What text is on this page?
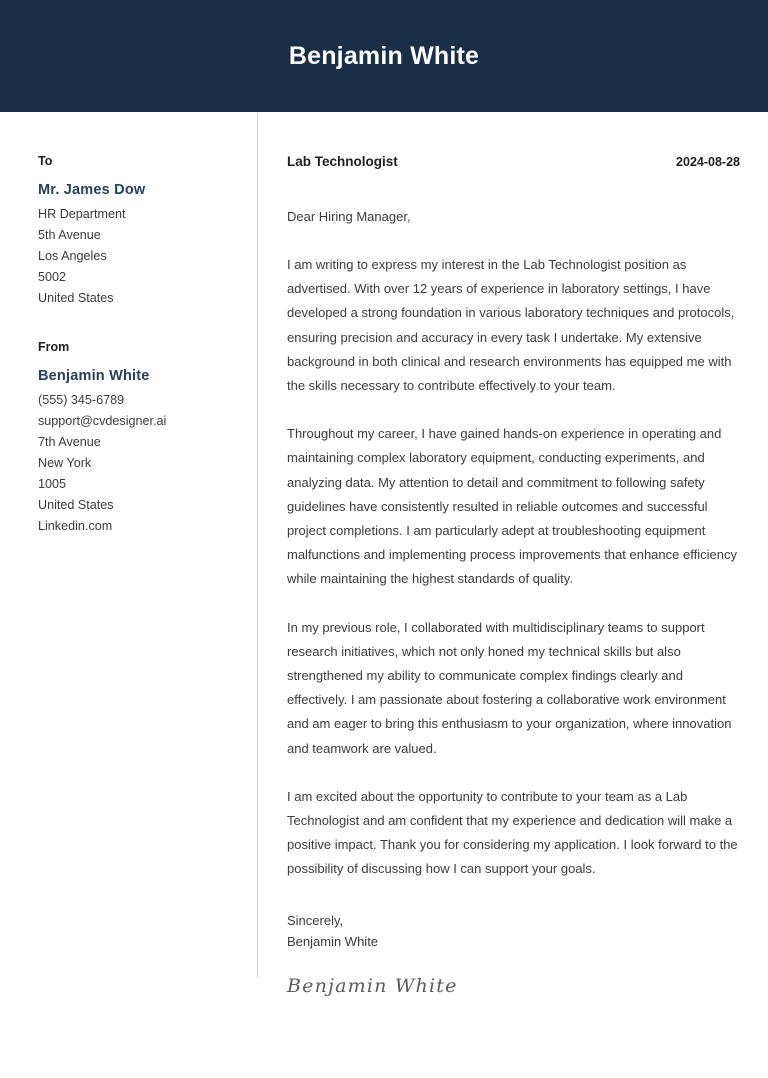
Benjamin White
To
Mr. James Dow
HR Department
5th Avenue
Los Angeles
5002
United States
From
Benjamin White
(555) 345-6789
support@cvdesigner.ai
7th Avenue
New York
1005
United States
Linkedin.com
Lab Technologist	2024-08-28
Dear Hiring Manager,

I am writing to express my interest in the Lab Technologist position as advertised. With over 12 years of experience in laboratory settings, I have developed a strong foundation in various laboratory techniques and protocols, ensuring precision and accuracy in every task I undertake. My extensive background in both clinical and research environments has equipped me with the skills necessary to contribute effectively to your team.

Throughout my career, I have gained hands-on experience in operating and maintaining complex laboratory equipment, conducting experiments, and analyzing data. My attention to detail and commitment to following safety guidelines have consistently resulted in reliable outcomes and successful project completions. I am particularly adept at troubleshooting equipment malfunctions and implementing process improvements that enhance efficiency while maintaining the highest standards of quality.

In my previous role, I collaborated with multidisciplinary teams to support research initiatives, which not only honed my technical skills but also strengthened my ability to communicate complex findings clearly and effectively. I am passionate about fostering a collaborative work environment and am eager to bring this enthusiasm to your organization, where innovation and teamwork are valued.

I am excited about the opportunity to contribute to your team as a Lab Technologist and am confident that my experience and dedication will make a positive impact. Thank you for considering my application. I look forward to the possibility of discussing how I can support your goals.

Sincerely,
Benjamin White
Benjamin White
